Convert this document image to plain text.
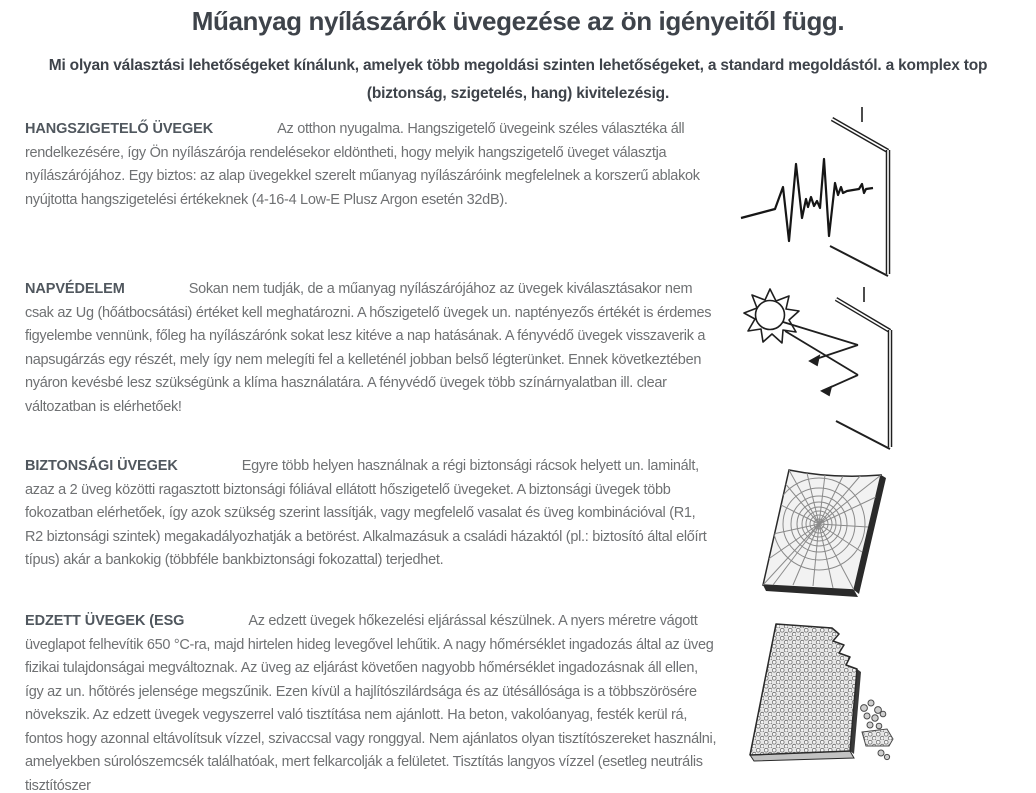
Műanyag nyílászárók üvegezése az ön igényeitől függ.

Mi olyan választási lehetőségeket kínálunk, amelyek több megoldási szinten lehetőségeket, a standard megoldástól. a komplex top
(biztonság, szigetelés, hang) kivitelezésig.

HANGSZIGETELŐ ÜVEGEK	Az otthon nyugalma. Hangszigetelő üvegeink széles választéka áll rendelkezésére, így Ön nyílászárója rendelésekor eldöntheti, hogy melyik hangszigetelő üveget választja nyílászárójához. Egy biztos: az alap üvegekkel szerelt műanyag nyílászáróink megfelelnek a korszerű ablakok nyújtotta hangszigetelési értékeknek (4-16-4 Low-E Plusz Argon esetén 32dB).

NAPVÉDELEM	Sokan nem tudják, de a műanyag nyílászárójához az üvegek kiválasztásakor nem csak az Ug (hőátbocsátási) értéket kell meghatározni. A hőszigetelő üvegek un. naptényezős értékét is érdemes figyelembe vennünk, főleg ha nyílászárónk sokat lesz kitéve a nap hatásának. A fényvédő üvegek visszaverik a napsugárzás egy részét, mely így nem melegíti fel a kelleténél jobban belső légterünket. Ennek következtében nyáron kevésbé lesz szükségünk a klíma használatára. A fényvédő üvegek több színárnyalatban ill. clear változatban is elérhetőek!

BIZTONSÁGI ÜVEGEK	Egyre több helyen használnak a régi biztonsági rácsok helyett un. laminált, azaz a 2 üveg közötti ragasztott biztonsági fóliával ellátott hőszigetelő üvegeket. A biztonsági üvegek több fokozatban elérhetőek, így azok szükség szerint lassítják, vagy megfelelő vasalat és üveg kombinációval (R1, R2 biztonsági szintek) megakadályozhatják a betörést. Alkalmazásuk a családi házaktól (pl.: biztosító által előírt típus) akár a bankokig (többféle bankbiztonsági fokozattal) terjedhet.

EDZETT ÜVEGEK (ESG	Az edzett üvegek hőkezelési eljárással készülnek. A nyers méretre vágott üveglapot felhevítik 650 °C-ra, majd hirtelen hideg levegővel lehűtik. A nagy hőmérséklet ingadozás által az üveg fizikai tulajdonságai megváltoznak. Az üveg az eljárást követően nagyobb hőmérséklet ingadozásnak áll ellen, így az un. hőtörés jelensége megszűnik. Ezen kívül a hajlítószilárdsága és az ütésállósága is a többszörösére növekszik. Az edzett üvegek vegyszerrel való tisztítása nem ajánlott. Ha beton, vakolóanyag, festék kerül rá, fontos hogy azonnal eltávolítsuk vízzel, szivaccsal vagy ronggyal. Nem ajánlatos olyan tisztítószereket használni, amelyekben súrolószemcsék találhatóak, mert felkarcolják a felületet. Tisztítás langyos vízzel (esetleg neutrális tisztítószer
